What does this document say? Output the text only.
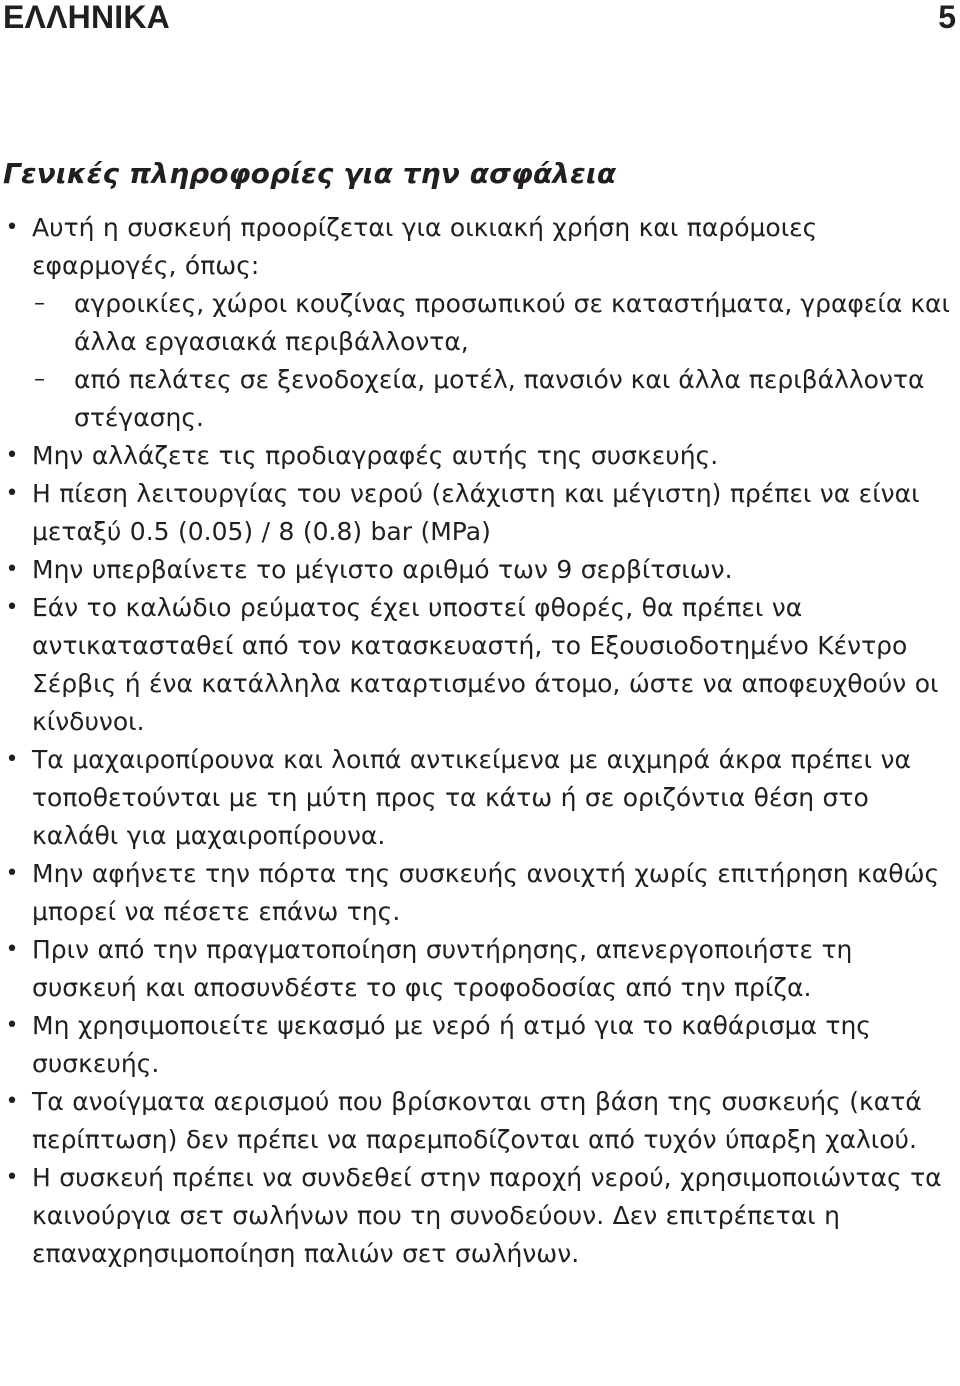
ΕΛΛΗΝΙΚΑ	5
Γενικές πληροφορίες για την ασφάλεια
• Αυτή η συσκευή προορίζεται για οικιακή χρήση και παρόμοιες εφαρμογές, όπως:
– αγροικίες, χώροι κουζίνας προσωπικού σε καταστήματα, γραφεία και άλλα εργασιακά περιβάλλοντα,
– από πελάτες σε ξενοδοχεία, μοτέλ, πανσιόν και άλλα περιβάλλοντα στέγασης.
• Μην αλλάζετε τις προδιαγραφές αυτής της συσκευής.
• Η πίεση λειτουργίας του νερού (ελάχιστη και μέγιστη) πρέπει να είναι μεταξύ 0.5 (0.05) / 8 (0.8) bar (MPa)
• Μην υπερβαίνετε το μέγιστο αριθμό των 9 σερβίτσιων.
• Εάν το καλώδιο ρεύματος έχει υποστεί φθορές, θα πρέπει να αντικατασταθεί από τον κατασκευαστή, το Εξουσιοδοτημένο Κέντρο Σέρβις ή ένα κατάλληλα καταρτισμένο άτομο, ώστε να αποφευχθούν οι κίνδυνοι.
• Τα μαχαιροπίρουνα και λοιπά αντικείμενα με αιχμηρά άκρα πρέπει να τοποθετούνται με τη μύτη προς τα κάτω ή σε οριζόντια θέση στο καλάθι για μαχαιροπίρουνα.
• Μην αφήνετε την πόρτα της συσκευής ανοιχτή χωρίς επιτήρηση καθώς μπορεί να πέσετε επάνω της.
• Πριν από την πραγματοποίηση συντήρησης, απενεργοποιήστε τη συσκευή και αποσυνδέστε το φις τροφοδοσίας από την πρίζα.
• Μη χρησιμοποιείτε ψεκασμό με νερό ή ατμό για το καθάρισμα της συσκευής.
• Τα ανοίγματα αερισμού που βρίσκονται στη βάση της συσκευής (κατά περίπτωση) δεν πρέπει να παρεμποδίζονται από τυχόν ύπαρξη χαλιού.
• Η συσκευή πρέπει να συνδεθεί στην παροχή νερού, χρησιμοποιώντας τα καινούργια σετ σωλήνων που τη συνοδεύουν. Δεν επιτρέπεται η επαναχρησιμοποίηση παλιών σετ σωλήνων.
